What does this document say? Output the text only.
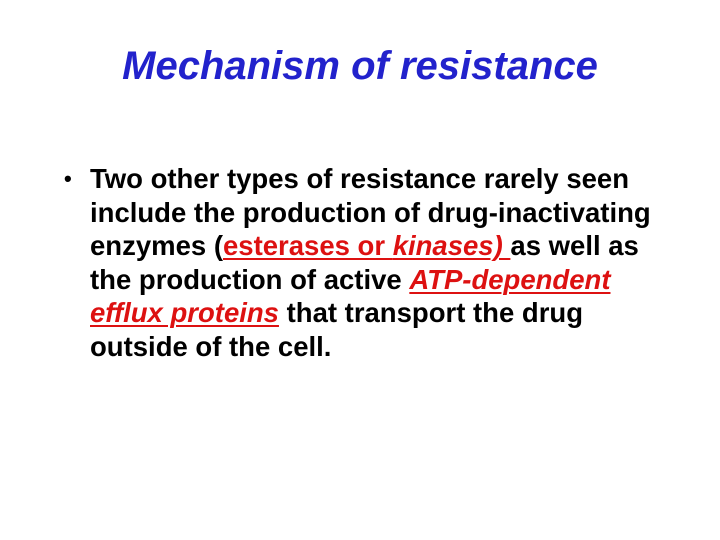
Mechanism of resistance
• Two other types of resistance rarely seen include the production of drug-inactivating enzymes (esterases or kinases) as well as the production of active ATP-dependent efflux proteins that transport the drug outside of the cell.
